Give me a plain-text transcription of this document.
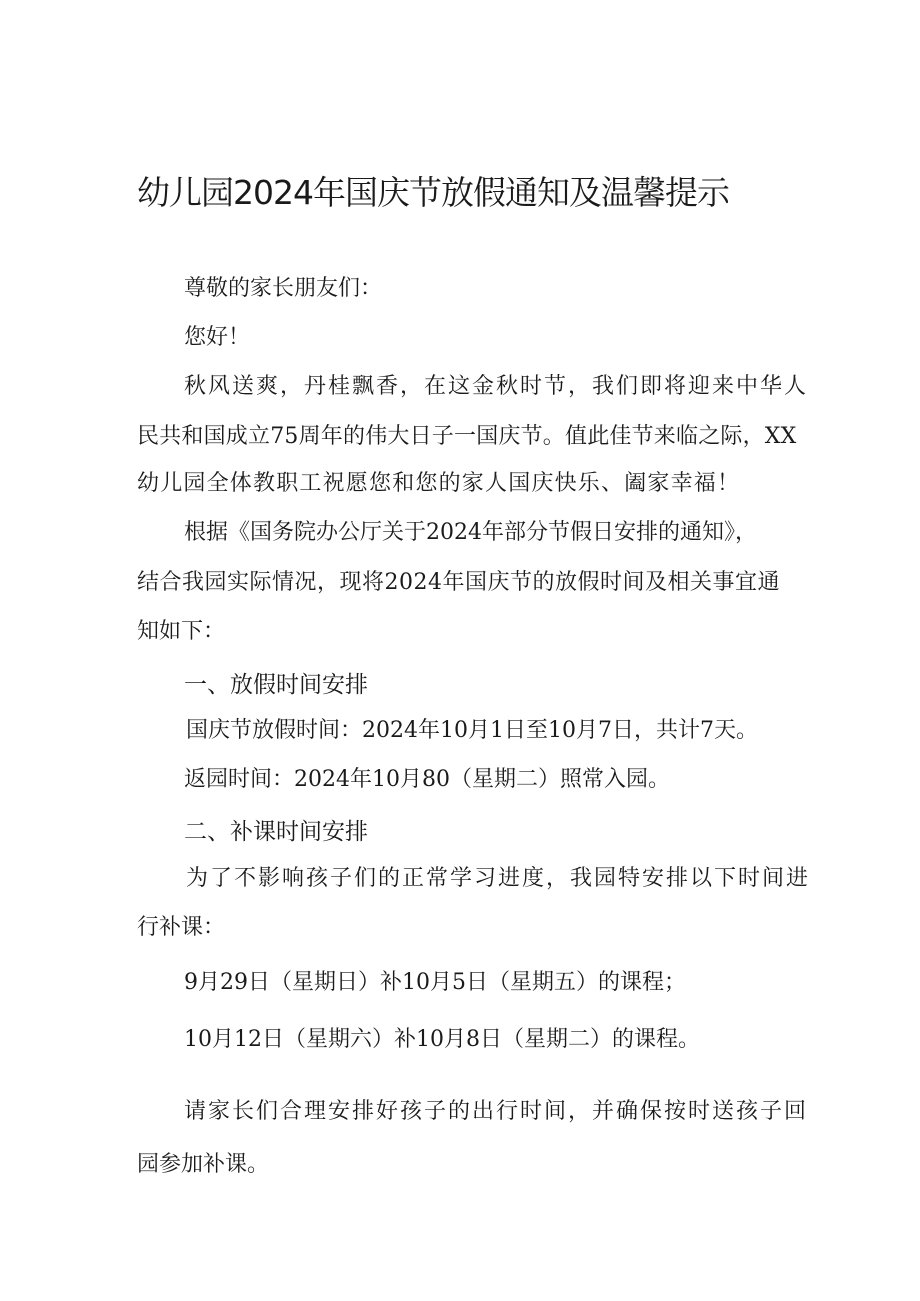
幼儿园2024年国庆节放假通知及温馨提示

尊敬的家长朋友们：

您好！

秋风送爽，丹桂飘香，在这金秋时节，我们即将迎来中华人

民共和国成立75周年的伟大日子一国庆节。值此佳节来临之际，XX

幼儿园全体教职工祝愿您和您的家人国庆快乐、阖家幸福！

根据《国务院办公厅关于2024年部分节假日安排的通知》，

结合我园实际情况，现将2024年国庆节的放假时间及相关事宜通

知如下：

一、放假时间安排

国庆节放假时间：2024年10月1日至10月7日，共计7天。

返园时间：2024年10月80（星期二）照常入园。

二、补课时间安排

为了不影响孩子们的正常学习进度，我园特安排以下时间进

行补课：

9月29日（星期日）补10月5日（星期五）的课程；

10月12日（星期六）补10月8日（星期二）的课程。

请家长们合理安排好孩子的出行时间，并确保按时送孩子回

园参加补课。
